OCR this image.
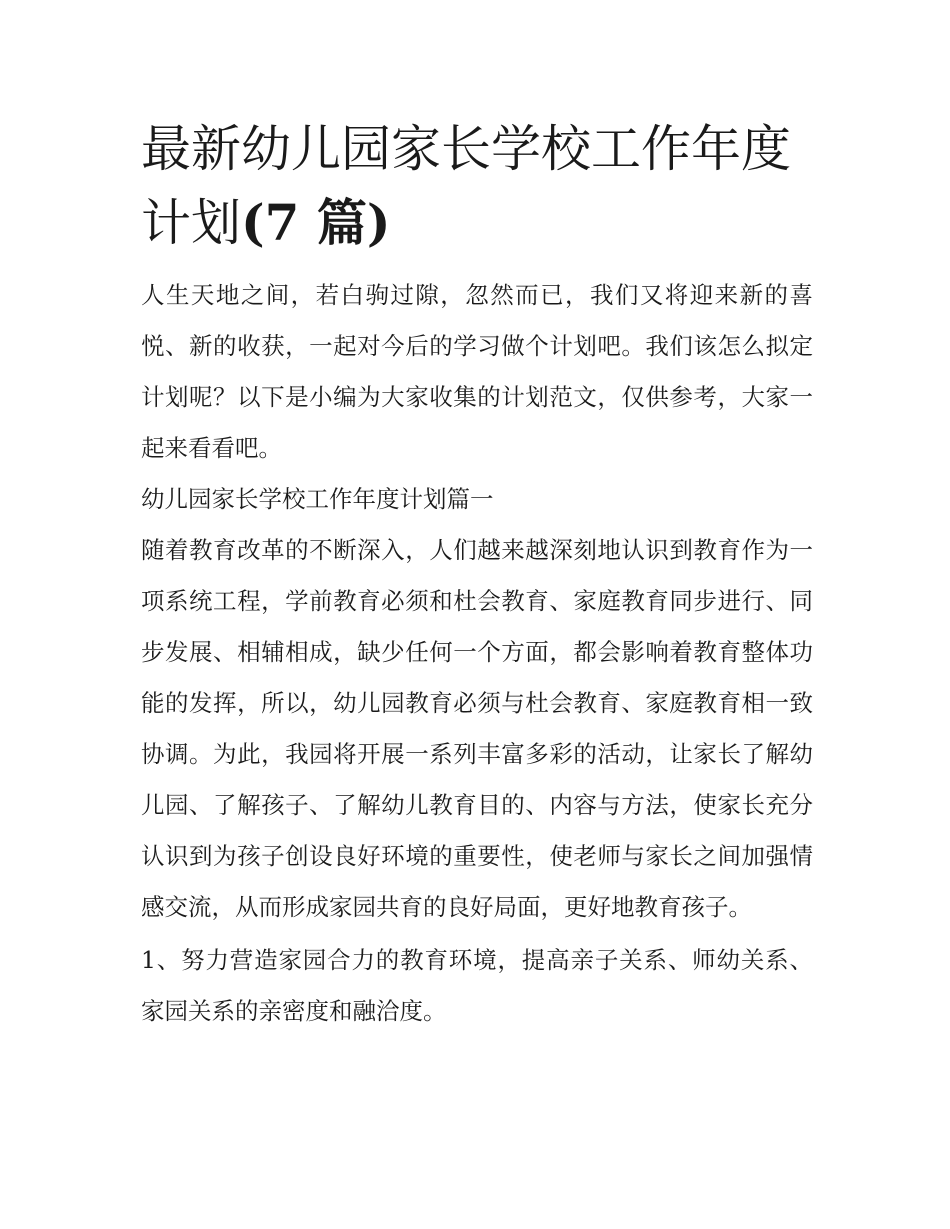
最新幼儿园家长学校工作年度
计划(7 篇)

人生天地之间，若白驹过隙，忽然而已，我们又将迎来新的喜悦、新的收获，一起对今后的学习做个计划吧。我们该怎么拟定计划呢？以下是小编为大家收集的计划范文，仅供参考，大家一起来看看吧。

幼儿园家长学校工作年度计划篇一

随着教育改革的不断深入，人们越来越深刻地认识到教育作为一项系统工程，学前教育必须和杜会教育、家庭教育同步进行、同步发展、相辅相成，缺少任何一个方面，都会影响着教育整体功能的发挥，所以，幼儿园教育必须与杜会教育、家庭教育相一致协调。为此，我园将开展一系列丰富多彩的活动，让家长了解幼儿园、了解孩子、了解幼儿教育目的、内容与方法，使家长充分认识到为孩子创设良好环境的重要性，使老师与家长之间加强情感交流，从而形成家园共育的良好局面，更好地教育孩子。

1、努力营造家园合力的教育环境，提高亲子关系、师幼关系、家园关系的亲密度和融洽度。
